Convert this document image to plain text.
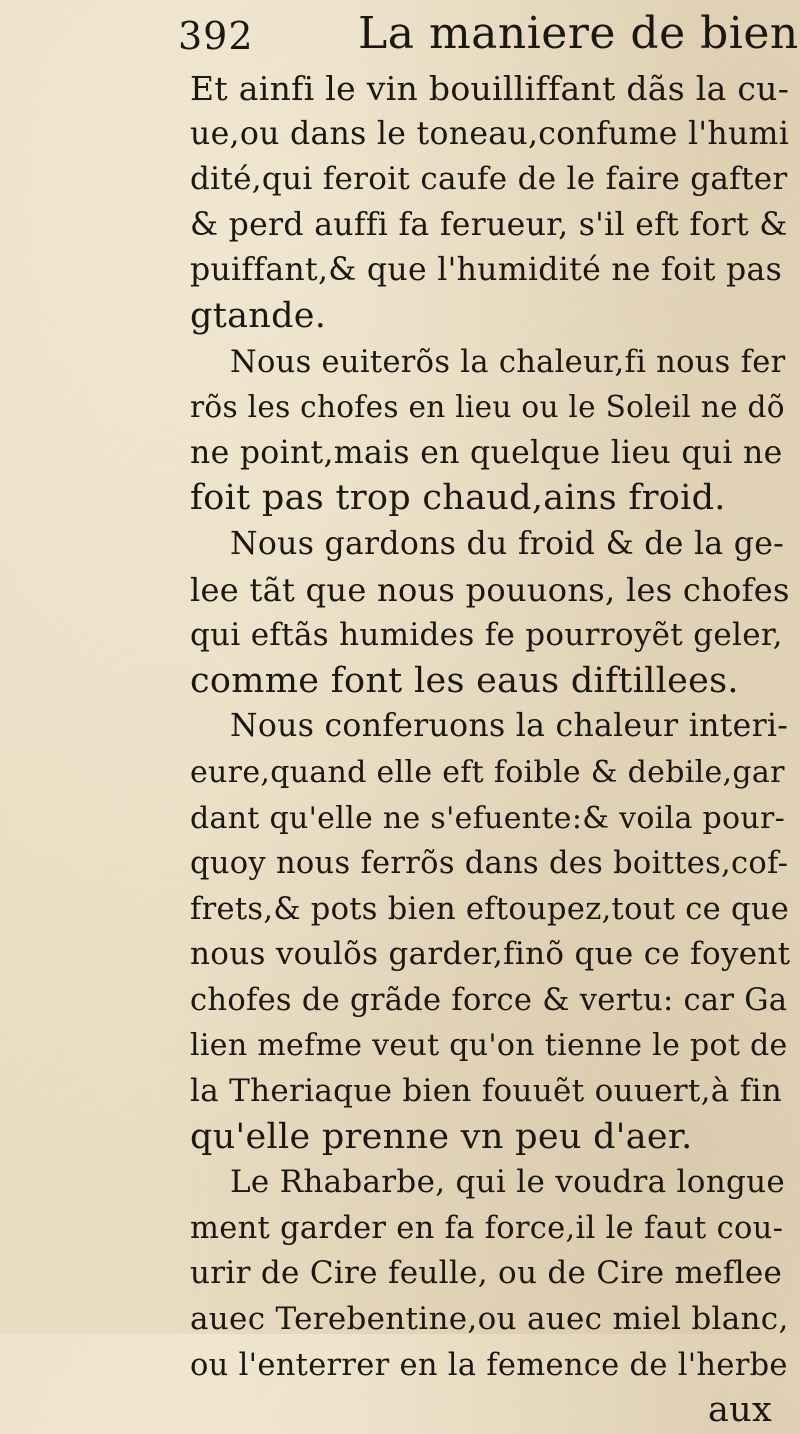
392 La maniere de bien
Et ainfi le vin bouilliffant dãs la cu-
ue,ou dans le toneau,confume l'humi
dité,qui feroit caufe de le faire gafter
& perd auffi fa ferueur, s'il eft fort &
puiffant,& que l'humidité ne foit pas
gtande.
Nous euiterõs la chaleur,fi nous fer
rõs les chofes en lieu ou le Soleil ne dõ
ne point,mais en quelque lieu qui ne
foit pas trop chaud,ains froid.
Nous gardons du froid & de la ge-
lee tãt que nous pouuons, les chofes
qui eftãs humides fe pourroyẽt geler,
comme font les eaus diftillees.
Nous conferuons la chaleur interi-
eure,quand elle eft foible & debile,gar
dant qu'elle ne s'efuente:& voila pour-
quoy nous ferrõs dans des boittes,cof-
frets,& pots bien eftoupez,tout ce que
nous voulõs garder,finõ que ce foyent
chofes de grãde force & vertu: car Ga
lien mefme veut qu'on tienne le pot de
la Theriaque bien fouuẽt ouuert,à fin
qu'elle prenne vn peu d'aer.
Le Rhabarbe, qui le voudra longue
ment garder en fa force,il le faut cou-
urir de Cire feulle, ou de Cire meflee
auec Terebentine,ou auec miel blanc,
ou l'enterrer en la femence de l'herbe
aux
